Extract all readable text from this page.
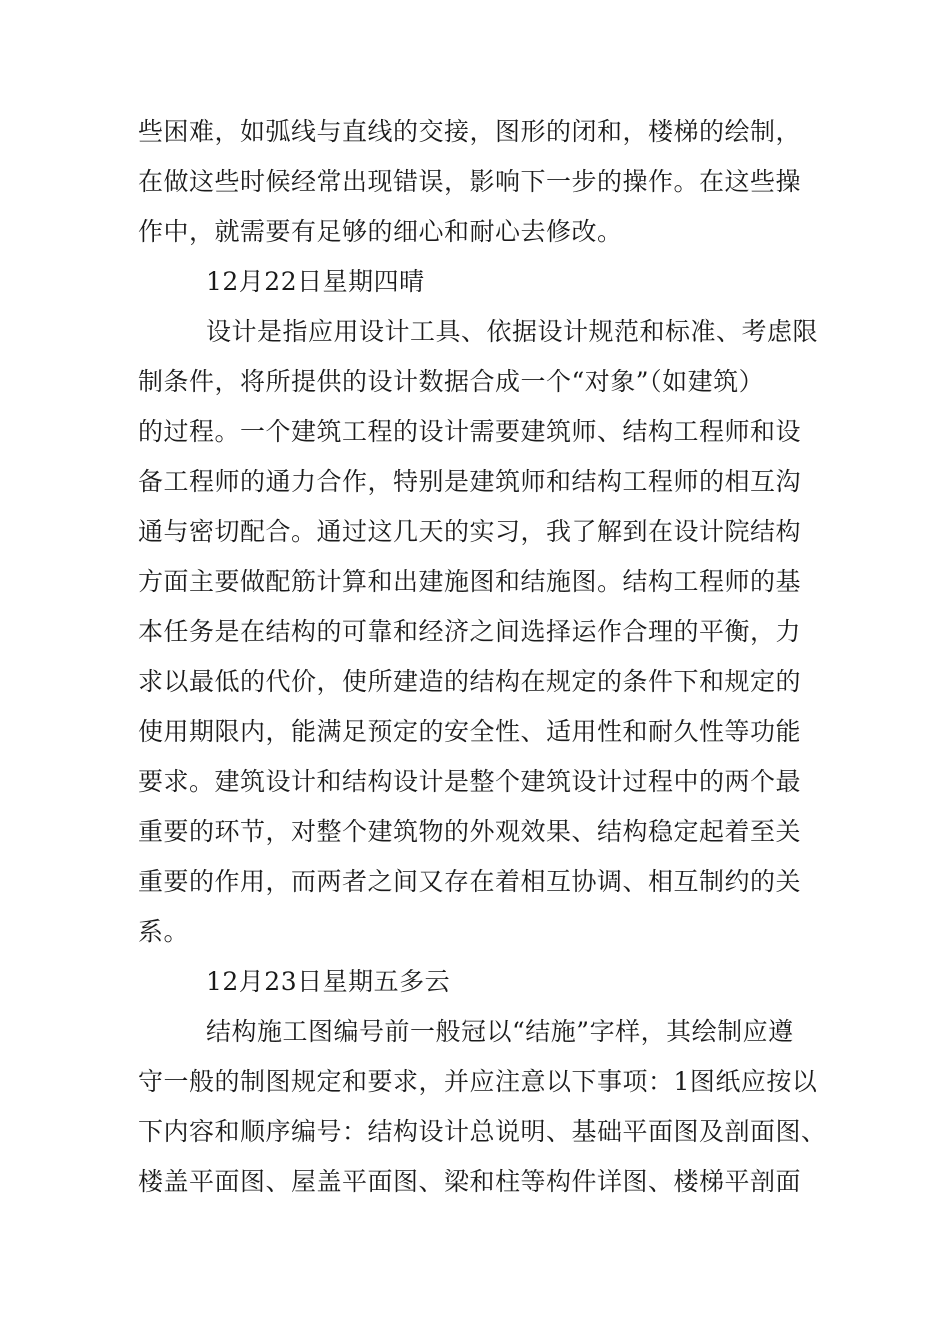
些困难，如弧线与直线的交接，图形的闭和，楼梯的绘制，
在做这些时候经常出现错误，影响下一步的操作。在这些操
作中，就需要有足够的细心和耐心去修改。
12月22日星期四晴
设计是指应用设计工具、依据设计规范和标准、考虑限
制条件，将所提供的设计数据合成一个“对象”（如建筑）
的过程。一个建筑工程的设计需要建筑师、结构工程师和设
备工程师的通力合作，特别是建筑师和结构工程师的相互沟
通与密切配合。通过这几天的实习，我了解到在设计院结构
方面主要做配筋计算和出建施图和结施图。结构工程师的基
本任务是在结构的可靠和经济之间选择运作合理的平衡，力
求以最低的代价，使所建造的结构在规定的条件下和规定的
使用期限内，能满足预定的安全性、适用性和耐久性等功能
要求。建筑设计和结构设计是整个建筑设计过程中的两个最
重要的环节，对整个建筑物的外观效果、结构稳定起着至关
重要的作用，而两者之间又存在着相互协调、相互制约的关
系。
12月23日星期五多云
结构施工图编号前一般冠以“结施”字样，其绘制应遵
守一般的制图规定和要求，并应注意以下事项：1图纸应按以
下内容和顺序编号：结构设计总说明、基础平面图及剖面图、
楼盖平面图、屋盖平面图、梁和柱等构件详图、楼梯平剖面
